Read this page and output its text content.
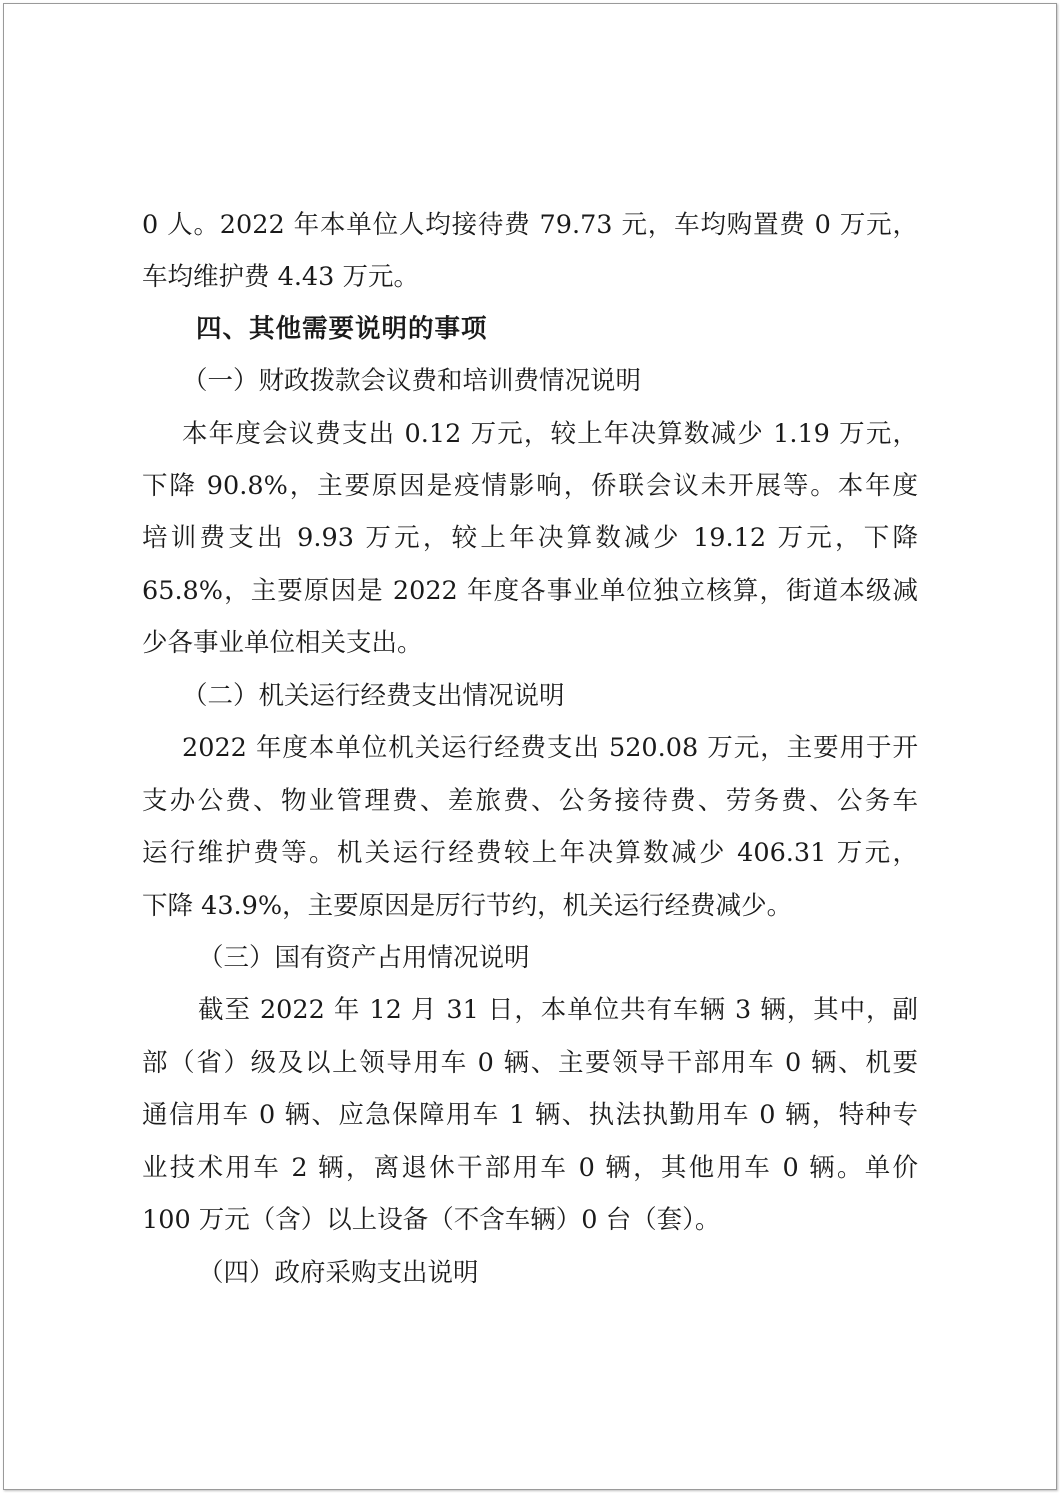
0 人。2022 年本单位人均接待费 79.73 元，车均购置费 0 万元，
车均维护费 4.43 万元。
四、其他需要说明的事项
（一）财政拨款会议费和培训费情况说明
本年度会议费支出 0.12 万元，较上年决算数减少 1.19 万元，
下降 90.8%，主要原因是疫情影响，侨联会议未开展等。本年度
培训费支出 9.93 万元，较上年决算数减少 19.12 万元，下降
65.8%，主要原因是 2022 年度各事业单位独立核算，街道本级减
少各事业单位相关支出。
（二）机关运行经费支出情况说明
2022 年度本单位机关运行经费支出 520.08 万元，主要用于开
支办公费、物业管理费、差旅费、公务接待费、劳务费、公务车
运行维护费等。机关运行经费较上年决算数减少 406.31 万元，
下降 43.9%，主要原因是厉行节约，机关运行经费减少。
（三）国有资产占用情况说明
截至 2022 年 12 月 31 日，本单位共有车辆 3 辆，其中，副
部（省）级及以上领导用车 0 辆、主要领导干部用车 0 辆、机要
通信用车 0 辆、应急保障用车 1 辆、执法执勤用车 0 辆，特种专
业技术用车 2 辆，离退休干部用车 0 辆，其他用车 0 辆。单价
100 万元（含）以上设备（不含车辆）0 台（套）。
（四）政府采购支出说明
